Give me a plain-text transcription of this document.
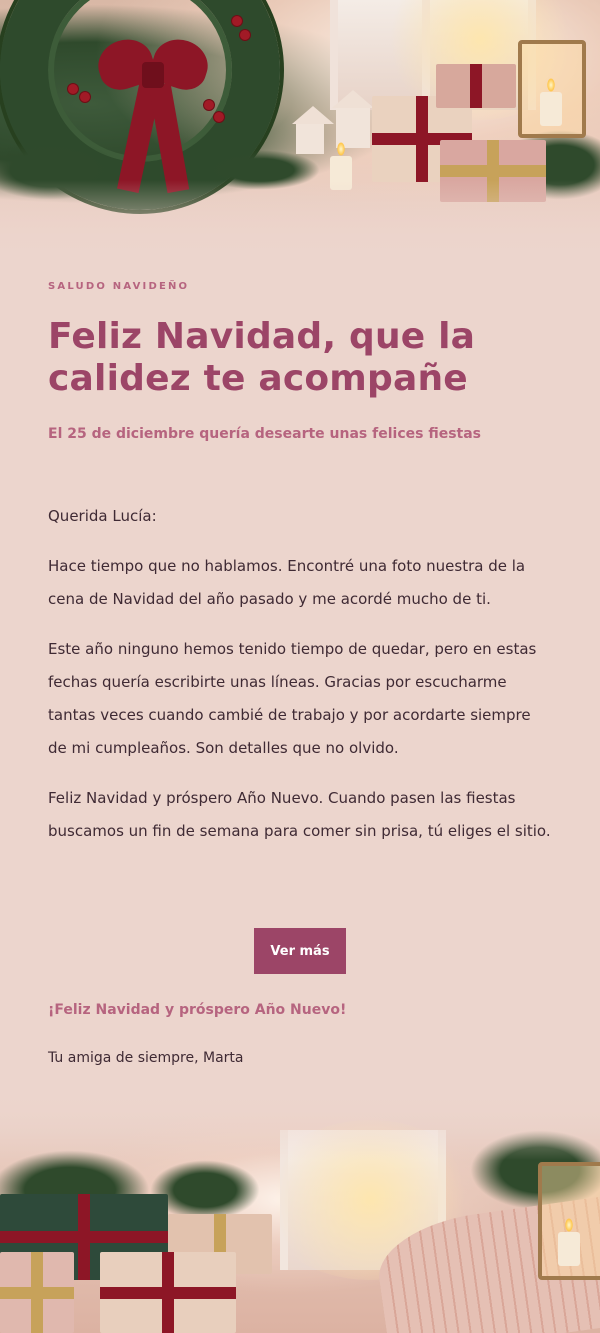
SALUDO NAVIDEÑO
Feliz Navidad, que la calidez te acompañe
El 25 de diciembre quería desearte unas felices fiestas

Querida Lucía:

Hace tiempo que no hablamos. Encontré una foto nuestra de la cena de Navidad del año pasado y me acordé mucho de ti.

Este año ninguno hemos tenido tiempo de quedar, pero en estas fechas quería escribirte unas líneas. Gracias por escucharme tantas veces cuando cambié de trabajo y por acordarte siempre de mi cumpleaños. Son detalles que no olvido.

Feliz Navidad y próspero Año Nuevo. Cuando pasen las fiestas buscamos un fin de semana para comer sin prisa, tú eliges el sitio.

Ver más
¡Feliz Navidad y próspero Año Nuevo!
Tu amiga de siempre, Marta
